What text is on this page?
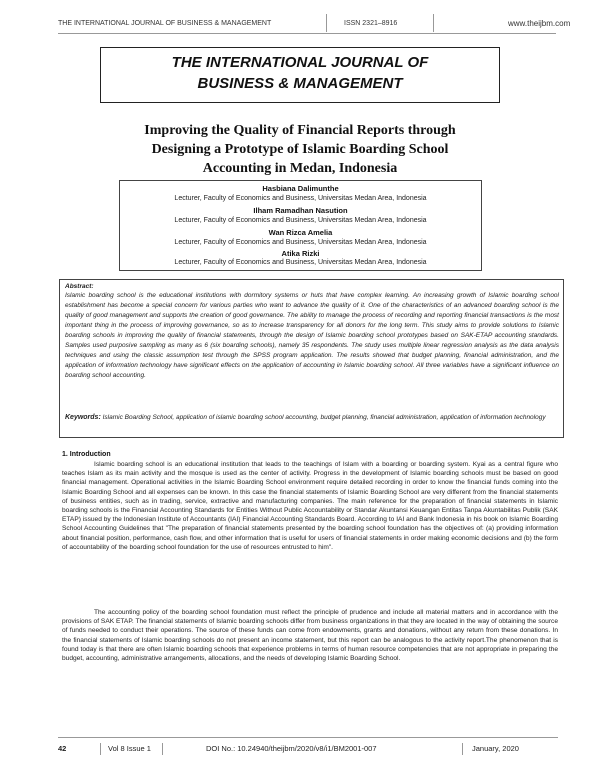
THE INTERNATIONAL JOURNAL OF BUSINESS & MANAGEMENT	ISSN 2321–8916	www.theijbm.com
THE INTERNATIONAL JOURNAL OF
BUSINESS & MANAGEMENT
Improving the Quality of Financial Reports through
Designing a Prototype of Islamic Boarding School
Accounting in Medan, Indonesia
Hasbiana Dalimunthe
Lecturer, Faculty of Economics and Business, Universitas Medan Area, Indonesia
Ilham Ramadhan Nasution
Lecturer, Faculty of Economics and Business, Universitas Medan Area, Indonesia
Wan Rizca Amelia
Lecturer, Faculty of Economics and Business, Universitas Medan Area, Indonesia
Atika Rizki
Lecturer, Faculty of Economics and Business, Universitas Medan Area, Indonesia
Abstract:
Islamic boarding school is the educational institutions with dormitory systems or huts that have complex learning. An increasing growth of Islamic boarding school establishment has become a special concern for various parties who want to advance the quality of it. One of the characteristics of an advanced boarding school is the quality of good management and supports the creation of good governance. The ability to manage the process of recording and reporting financial transactions is the most important thing in the process of improving governance, so as to increase transparency for all donors for the long term. This study aims to provide solutions to Islamic boarding schools in improving the quality of financial statements, through the design of Islamic boarding school prototypes based on SAK-ETAP accounting standards. Samples used purposive sampling as many as 6 (six boarding schools), namely 35 respondents. The study uses multiple linear regression analysis as the data analysis techniques and using the classic assumption test through the SPSS program application. The results showed that budget planning, financial administration, and the application of information technology have significant effects on the application of accounting in Islamic boarding school. All three variables have a significant influence on boarding school accounting.
Keywords: Islamic Boarding School, application of islamic boarding school accounting, budget planning, financial administration, application of information technology
1. Introduction
Islamic boarding school is an educational institution that leads to the teachings of Islam with a boarding or boarding system. Kyai as a central figure who teaches Islam as its main activity and the mosque is used as the center of activity. Progress in the development of Islamic boarding schools must be based on good financial management. Operational activities in the Islamic Boarding School environment require detailed recording in order to know the financial funds coming into the Islamic Boarding School and all expenses can be known. In this case the financial statements of Islamic Boarding School are very different from the financial statements of business entities, such as in trading, service, extractive and manufacturing companies. The main reference for the preparation of financial statements in Islamic boarding schools is the Financial Accounting Standards for Entities Without Public Accountability or Standar Akuntansi Keuangan Entitas Tanpa Akuntabilitas Publik (SAK ETAP) issued by the Indonesian Institute of Accountants (IAI) Financial Accounting Standards Board. According to IAI and Bank Indonesia in his book on Islamic Boarding School Accounting Guidelines that "The preparation of financial statements presented by the boarding school foundation has the objectives of: (a) providing information about financial position, performance, cash flow, and other information that is useful for users of financial statements in order making economic decisions and (b) the form of accountability of the boarding school foundation for the use of resources entrusted to him".
The accounting policy of the boarding school foundation must reflect the principle of prudence and include all material matters and in accordance with the provisions of SAK ETAP. The financial statements of Islamic boarding schools differ from business organizations in that they are located in the way of obtaining the source of funds needed to conduct their operations. The source of these funds can come from endowments, grants and donations, without any return from these donations. In the financial statements of Islamic boarding schools do not present an income statement, but this report can be analogous to the activity report.The phenomenon that is found today is that there are often Islamic boarding schools that experience problems in terms of human resource competencies that are not appropriate in preparing the budget, accounting, administrative arrangements, allocations, and the needs of developing Islamic Boarding School.
42	Vol 8 Issue 1	DOI No.: 10.24940/theijbm/2020/v8/i1/BM2001-007	January, 2020
